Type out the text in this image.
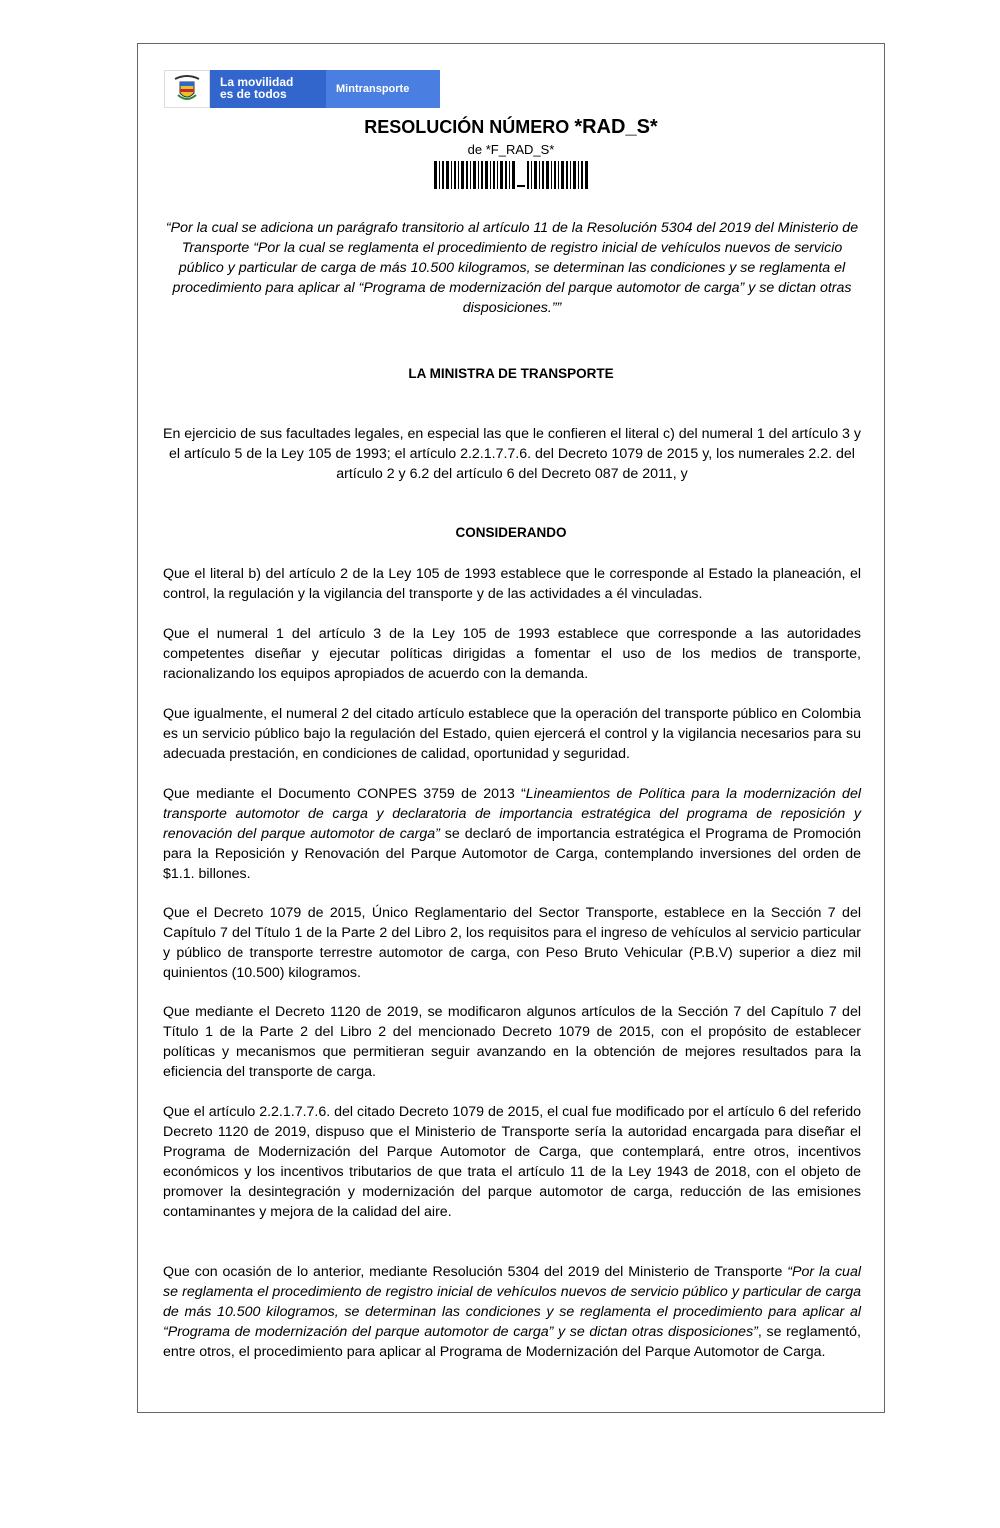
La movilidad
es de todos	Mintransporte
RESOLUCIÓN NÚMERO *RAD_S*
de *F_RAD_S*
“Por la cual se adiciona un parágrafo transitorio al artículo 11 de la Resolución 5304 del 2019 del Ministerio de Transporte “Por la cual se reglamenta el procedimiento de registro inicial de vehículos nuevos de servicio público y particular de carga de más 10.500 kilogramos, se determinan las condiciones y se reglamenta el procedimiento para aplicar al “Programa de modernización del parque automotor de carga” y se dictan otras disposiciones.””
LA MINISTRA DE TRANSPORTE
En ejercicio de sus facultades legales, en especial las que le confieren el literal c) del numeral 1 del artículo 3 y el artículo 5 de la Ley 105 de 1993; el artículo 2.2.1.7.7.6. del Decreto 1079 de 2015 y, los numerales 2.2. del artículo 2 y 6.2 del artículo 6 del Decreto 087 de 2011, y
CONSIDERANDO
Que el literal b) del artículo 2 de la Ley 105 de 1993 establece que le corresponde al Estado la planeación, el control, la regulación y la vigilancia del transporte y de las actividades a él vinculadas.
Que el numeral 1 del artículo 3 de la Ley 105 de 1993 establece que corresponde a las autoridades competentes diseñar y ejecutar políticas dirigidas a fomentar el uso de los medios de transporte, racionalizando los equipos apropiados de acuerdo con la demanda.
Que igualmente, el numeral 2 del citado artículo establece que la operación del transporte público en Colombia es un servicio público bajo la regulación del Estado, quien ejercerá el control y la vigilancia necesarios para su adecuada prestación, en condiciones de calidad, oportunidad y seguridad.
Que mediante el Documento CONPES 3759 de 2013 “Lineamientos de Política para la modernización del transporte automotor de carga y declaratoria de importancia estratégica del programa de reposición y renovación del parque automotor de carga” se declaró de importancia estratégica el Programa de Promoción para la Reposición y Renovación del Parque Automotor de Carga, contemplando inversiones del orden de $1.1. billones.
Que el Decreto 1079 de 2015, Único Reglamentario del Sector Transporte, establece en la Sección 7 del Capítulo 7 del Título 1 de la Parte 2 del Libro 2, los requisitos para el ingreso de vehículos al servicio particular y público de transporte terrestre automotor de carga, con Peso Bruto Vehicular (P.B.V) superior a diez mil quinientos (10.500) kilogramos.
Que mediante el Decreto 1120 de 2019, se modificaron algunos artículos de la Sección 7 del Capítulo 7 del Título 1 de la Parte 2 del Libro 2 del mencionado Decreto 1079 de 2015, con el propósito de establecer políticas y mecanismos que permitieran seguir avanzando en la obtención de mejores resultados para la eficiencia del transporte de carga.
Que el artículo 2.2.1.7.7.6. del citado Decreto 1079 de 2015, el cual fue modificado por el artículo 6 del referido Decreto 1120 de 2019, dispuso que el Ministerio de Transporte sería la autoridad encargada para diseñar el Programa de Modernización del Parque Automotor de Carga, que contemplará, entre otros, incentivos económicos y los incentivos tributarios de que trata el artículo 11 de la Ley 1943 de 2018, con el objeto de promover la desintegración y modernización del parque automotor de carga, reducción de las emisiones contaminantes y mejora de la calidad del aire.
Que con ocasión de lo anterior, mediante Resolución 5304 del 2019 del Ministerio de Transporte “Por la cual se reglamenta el procedimiento de registro inicial de vehículos nuevos de servicio público y particular de carga de más 10.500 kilogramos, se determinan las condiciones y se reglamenta el procedimiento para aplicar al “Programa de modernización del parque automotor de carga” y se dictan otras disposiciones”, se reglamentó, entre otros, el procedimiento para aplicar al Programa de Modernización del Parque Automotor de Carga.
